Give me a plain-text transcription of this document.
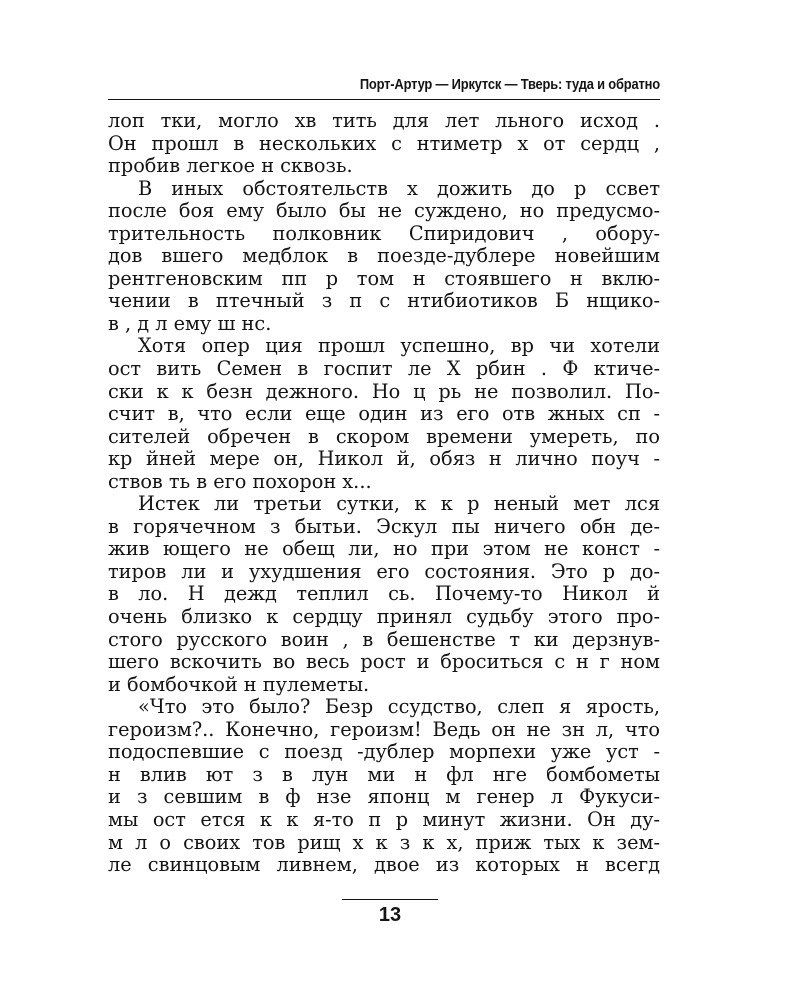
Порт-Артур — Иркутск — Тверь: туда и обратно
лоп тки, могло хв тить для лет льного исход .
Он прошл в нескольких с нтиметр х от сердц ,
пробив легкое н сквозь.
В иных обстоятельств х дожить до р ссвет
после боя ему было бы не суждено, но предусмо-
трительность полковник Спиридович , оборy-
дов вшего медблок в поезде-дублере новейшим
рентгеновским пп р том н стоявшего н вклю-
чении в птечный з п с нтибиотиков Б нщико-
в , д л ему ш нс.
Хотя опер ция прошл успешно, вр чи хотели
ост вить Семен в госпит ле Х рбин . Ф ктиче-
ски к к безн дежного. Но ц рь не позволил. По-
счит в, что если еще один из его отв жных сп -
сителей обречен в скором времени умереть, по
кр йней мере он, Никол й, обяз н лично поуч -
ствов ть в его похорон х...
Истек ли третьи сутки, к к р неный мет лся
в горячечном з бытьи. Эскул пы ничего обн де-
жив ющего не обещ ли, но при этом не конст -
тиров ли и ухудшения его состояния. Это р до-
в ло. Н дежд теплил сь. Почему-то Никол й
очень близко к сердцу принял судьбу этого про-
стого русского воин , в бешенстве т ки дерзнув-
шего вскочить во весь рост и броситься с н г ном
и бомбочкой н пулеметы.
«Что это было? Безр ссудство, слеп я ярость,
героизм?.. Конечно, героизм! Ведь он не зн л, что
подоспевшие с поезд -дублер морпехи уже уст -
н влив ют з в лун ми н фл нге бомбометы
и з севшим в ф нзе японц м генер л Фукуси-
мы ост ется к к я-то п р минут жизни. Он ду-
м л о своих тов рищ х к з к х, приж тых к зем-
ле свинцовым ливнем, двое из которых н всегд
13
